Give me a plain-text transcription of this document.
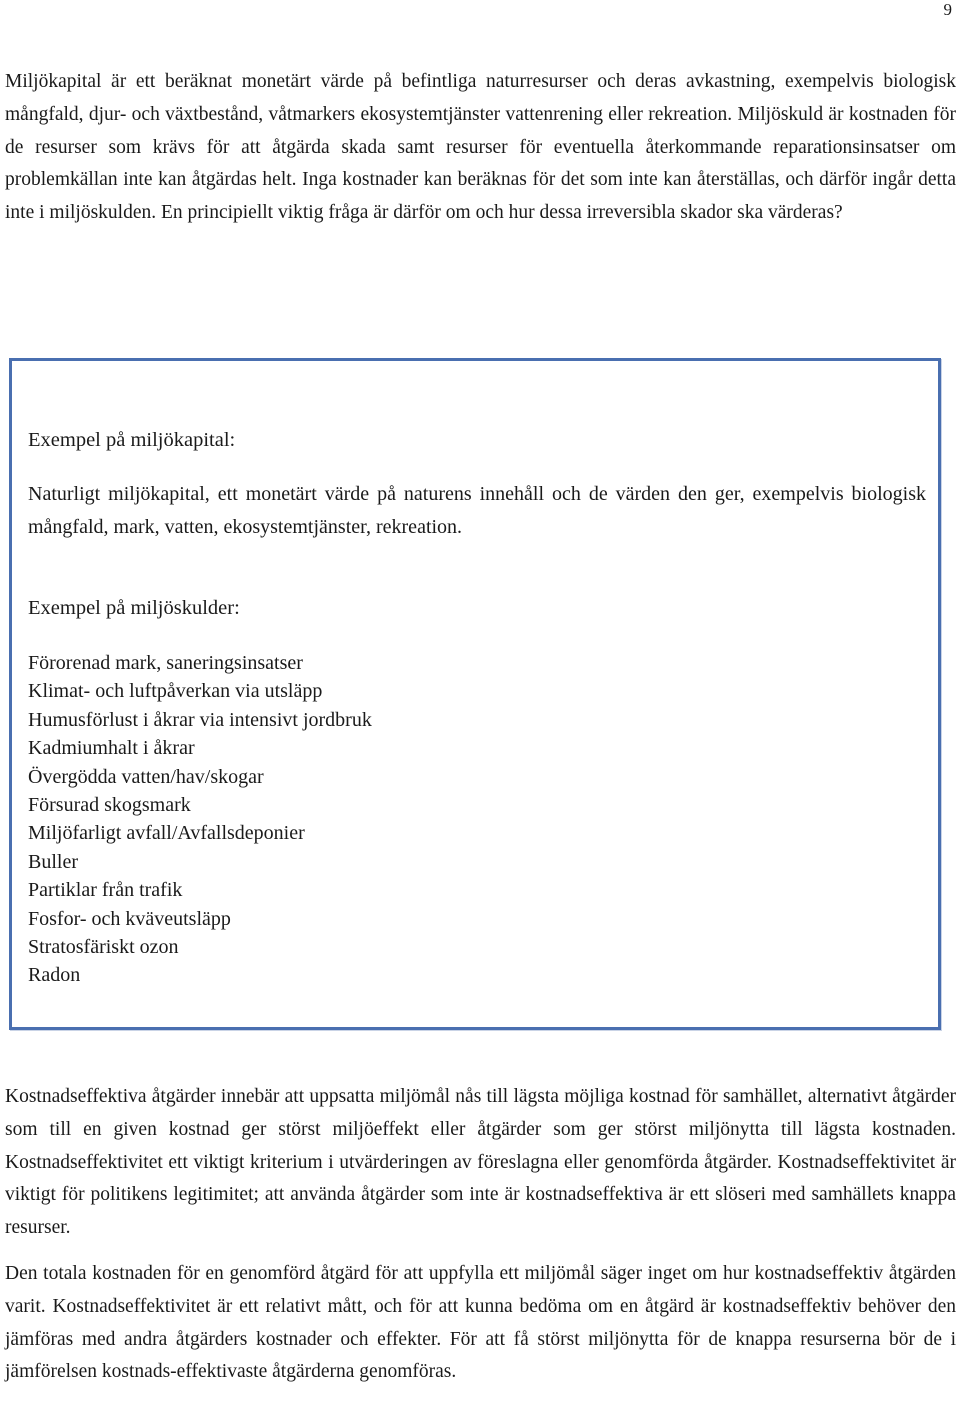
9

Miljökapital är ett beräknat monetärt värde på befintliga naturresurser och deras avkastning, exempelvis biologisk mångfald, djur- och växtbestånd, våtmarkers ekosystemtjänster vattenrening eller rekreation. Miljöskuld är kostnaden för de resurser som krävs för att åtgärda skada samt resurser för eventuella återkommande reparationsinsatser om problemkällan inte kan åtgärdas helt. Inga kostnader kan beräknas för det som inte kan återställas, och därför ingår detta inte i miljöskulden. En principiellt viktig fråga är därför om och hur dessa irreversibla skador ska värderas?

Exempel på miljökapital:

Naturligt miljökapital, ett monetärt värde på naturens innehåll och de värden den ger, exempelvis biologisk mångfald, mark, vatten, ekosystemtjänster, rekreation.

Exempel på miljöskulder:
Förorenad mark, saneringsinsatser
Klimat- och luftpåverkan via utsläpp
Humusförlust i åkrar via intensivt jordbruk
Kadmiumhalt i åkrar
Övergödda vatten/hav/skogar
Försurad skogsmark
Miljöfarligt avfall/Avfallsdeponier
Buller
Partiklar från trafik
Fosfor- och kväveutsläpp
Stratosfäriskt ozon
Radon

Kostnadseffektiva åtgärder innebär att uppsatta miljömål nås till lägsta möjliga kostnad för samhället, alternativt åtgärder som till en given kostnad ger störst miljöeffekt eller åtgärder som ger störst miljönytta till lägsta kostnaden. Kostnadseffektivitet ett viktigt kriterium i utvärderingen av föreslagna eller genomförda åtgärder. Kostnadseffektivitet är viktigt för politikens legitimitet; att använda åtgärder som inte är kostnadseffektiva är ett slöseri med samhällets knappa resurser.

Den totala kostnaden för en genomförd åtgärd för att uppfylla ett miljömål säger inget om hur kostnadseffektiv åtgärden varit. Kostnadseffektivitet är ett relativt mått, och för att kunna bedöma om en åtgärd är kostnadseffektiv behöver den jämföras med andra åtgärders kostnader och effekter. För att få störst miljönytta för de knappa resurserna bör de i jämförelsen kostnads-effektivaste åtgärderna genomföras.
